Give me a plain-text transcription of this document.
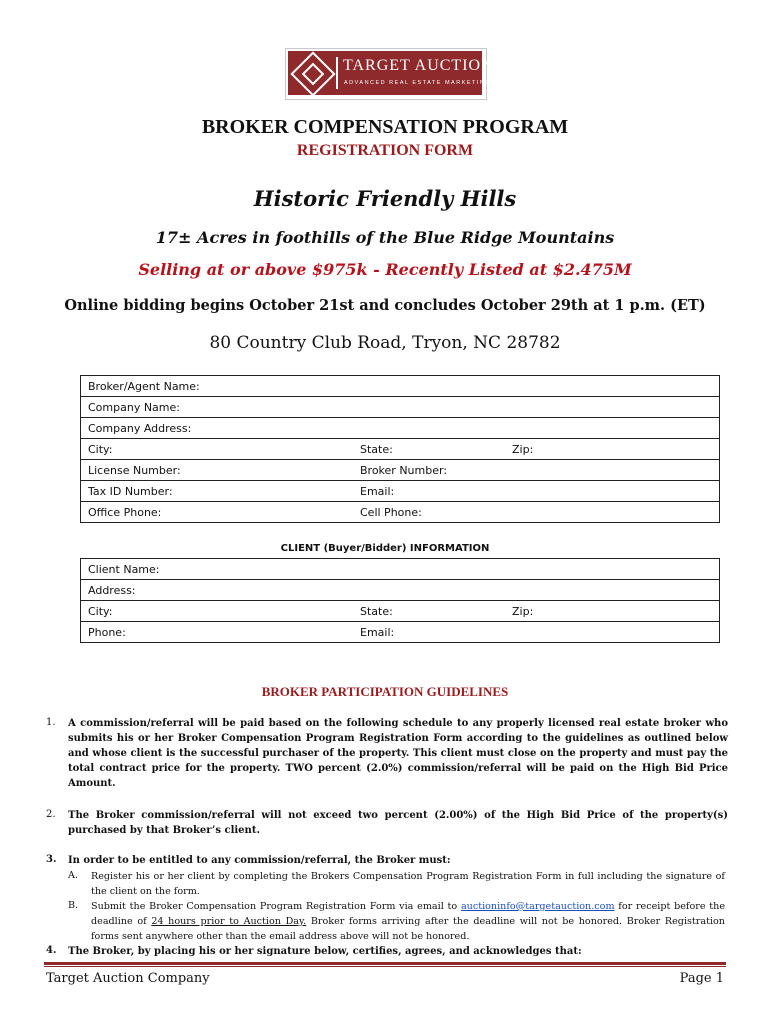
TARGET AUCTION
ADVANCED REAL ESTATE MARKETING
BROKER COMPENSATION PROGRAM
REGISTRATION FORM
Historic Friendly Hills
17± Acres in foothills of the Blue Ridge Mountains
Selling at or above $975k - Recently Listed at $2.475M
Online bidding begins October 21st and concludes October 29th at 1 p.m. (ET)
80 Country Club Road, Tryon, NC 28782
Broker/Agent Name:		
Company Name:		
Company Address:		
City:	State:	Zip:
License Number:	Broker Number:	
Tax ID Number:	Email:	
Office Phone:	Cell Phone:	
CLIENT (Buyer/Bidder) INFORMATION
Client Name:		
Address:		
City:	State:	Zip:
Phone:	Email:	
BROKER PARTICIPATION GUIDELINES
1. A commission/referral will be paid based on the following schedule to any properly licensed real estate broker who submits his or her Broker Compensation Program Registration Form according to the guidelines as outlined below and whose client is the successful purchaser of the property. This client must close on the property and must pay the total contract price for the property. TWO percent (2.0%) commission/referral will be paid on the High Bid Price Amount.
2. The Broker commission/referral will not exceed two percent (2.00%) of the High Bid Price of the property(s) purchased by that Broker’s client.
3. In order to be entitled to any commission/referral, the Broker must:
A. Register his or her client by completing the Brokers Compensation Program Registration Form in full including the signature of the client on the form.
B. Submit the Broker Compensation Program Registration Form via email to auctioninfo@targetauction.com for receipt before the deadline of 24 hours prior to Auction Day. Broker forms arriving after the deadline will not be honored. Broker Registration forms sent anywhere other than the email address above will not be honored.
4. The Broker, by placing his or her signature below, certifies, agrees, and acknowledges that:
Target Auction Company	Page 1
